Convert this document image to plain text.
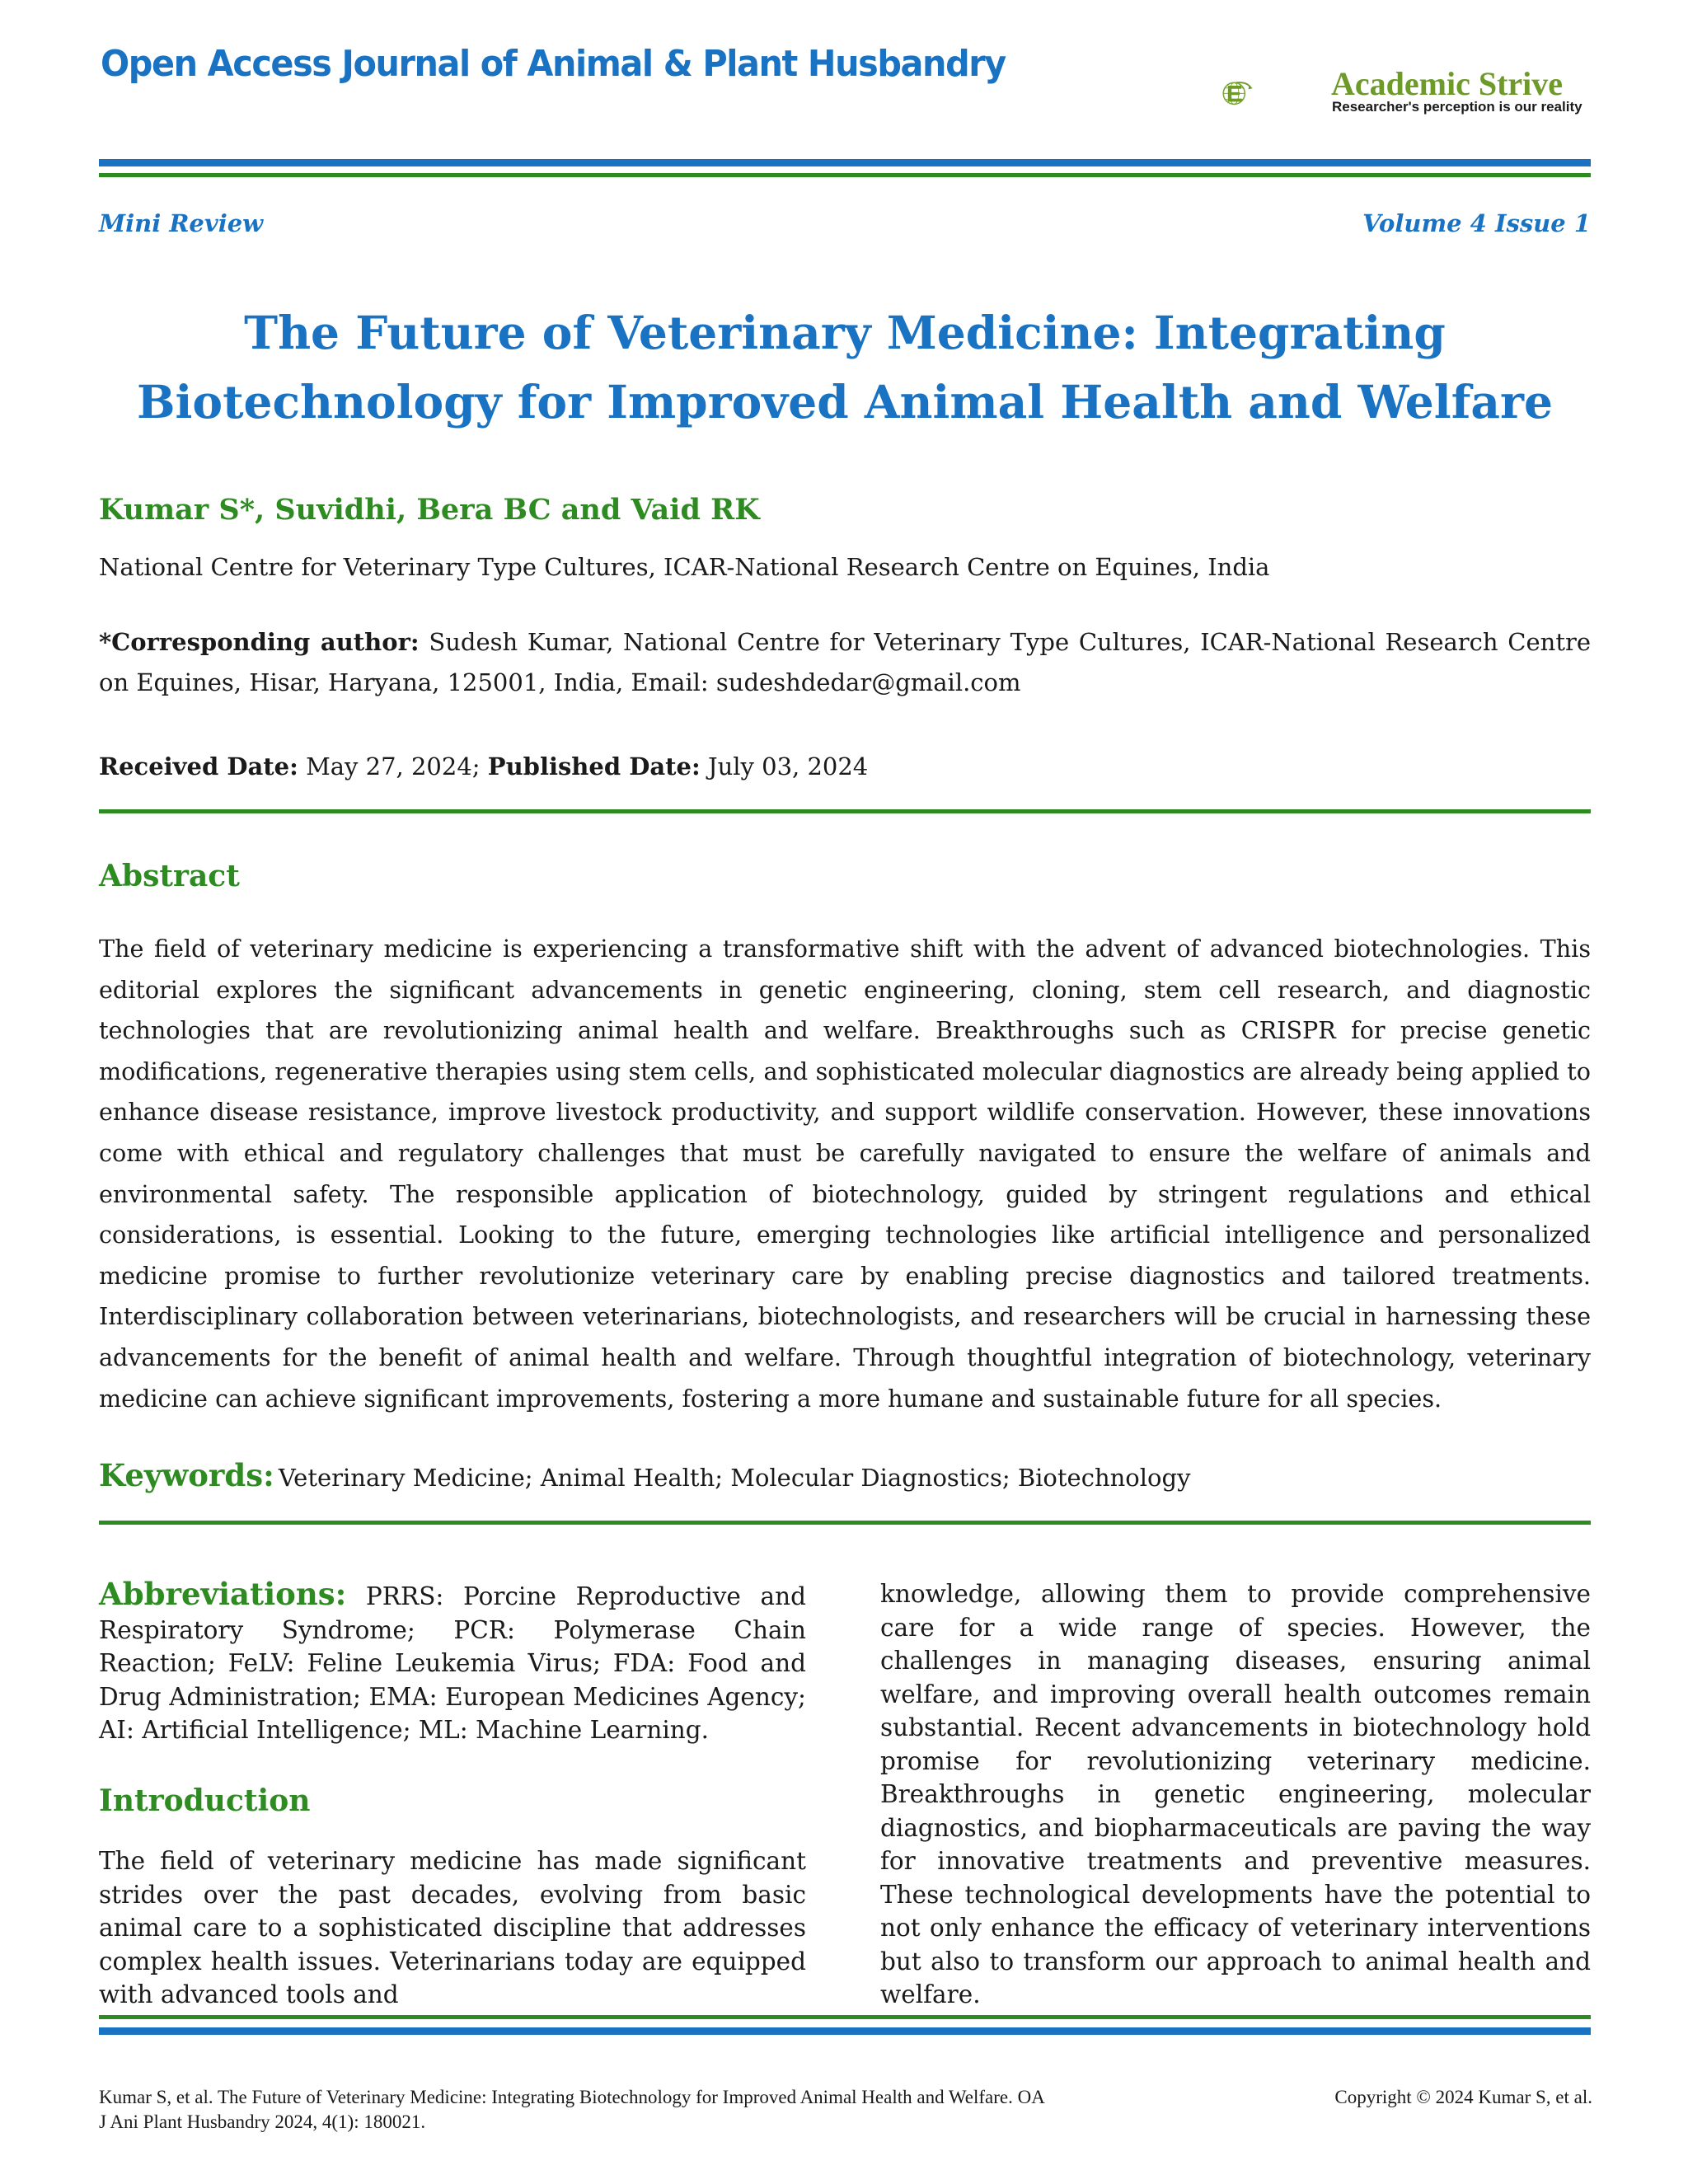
Open Access Journal of Animal & Plant Husbandry	Academic Strive
Researcher's perception is our reality
Mini Review	Volume 4 Issue 1
The Future of Veterinary Medicine: Integrating Biotechnology for Improved Animal Health and Welfare
Kumar S*, Suvidhi, Bera BC and Vaid RK
National Centre for Veterinary Type Cultures, ICAR-National Research Centre on Equines, India
*Corresponding author: Sudesh Kumar, National Centre for Veterinary Type Cultures, ICAR-National Research Centre on Equines, Hisar, Haryana, 125001, India, Email: sudeshdedar@gmail.com
Received Date: May 27, 2024; Published Date: July 03, 2024
Abstract
The field of veterinary medicine is experiencing a transformative shift with the advent of advanced biotechnologies. This editorial explores the significant advancements in genetic engineering, cloning, stem cell research, and diagnostic technologies that are revolutionizing animal health and welfare. Breakthroughs such as CRISPR for precise genetic modifications, regenerative therapies using stem cells, and sophisticated molecular diagnostics are already being applied to enhance disease resistance, improve livestock productivity, and support wildlife conservation. However, these innovations come with ethical and regulatory challenges that must be carefully navigated to ensure the welfare of animals and environmental safety. The responsible application of biotechnology, guided by stringent regulations and ethical considerations, is essential. Looking to the future, emerging technologies like artificial intelligence and personalized medicine promise to further revolutionize veterinary care by enabling precise diagnostics and tailored treatments. Interdisciplinary collaboration between veterinarians, biotechnologists, and researchers will be crucial in harnessing these advancements for the benefit of animal health and welfare. Through thoughtful integration of biotechnology, veterinary medicine can achieve significant improvements, fostering a more humane and sustainable future for all species.
Keywords: Veterinary Medicine; Animal Health; Molecular Diagnostics; Biotechnology
Abbreviations: PRRS: Porcine Reproductive and Respiratory Syndrome; PCR: Polymerase Chain Reaction; FeLV: Feline Leukemia Virus; FDA: Food and Drug Administration; EMA: European Medicines Agency; AI: Artificial Intelligence; ML: Machine Learning.
Introduction
The field of veterinary medicine has made significant strides over the past decades, evolving from basic animal care to a sophisticated discipline that addresses complex health issues. Veterinarians today are equipped with advanced tools and
knowledge, allowing them to provide comprehensive care for a wide range of species. However, the challenges in managing diseases, ensuring animal welfare, and improving overall health outcomes remain substantial. Recent advancements in biotechnology hold promise for revolutionizing veterinary medicine. Breakthroughs in genetic engineering, molecular diagnostics, and biopharmaceuticals are paving the way for innovative treatments and preventive measures. These technological developments have the potential to not only enhance the efficacy of veterinary interventions but also to transform our approach to animal health and welfare.
Kumar S, et al. The Future of Veterinary Medicine: Integrating Biotechnology for Improved Animal Health and Welfare. OA J Ani Plant Husbandry 2024, 4(1): 180021.
Copyright © 2024 Kumar S, et al.
